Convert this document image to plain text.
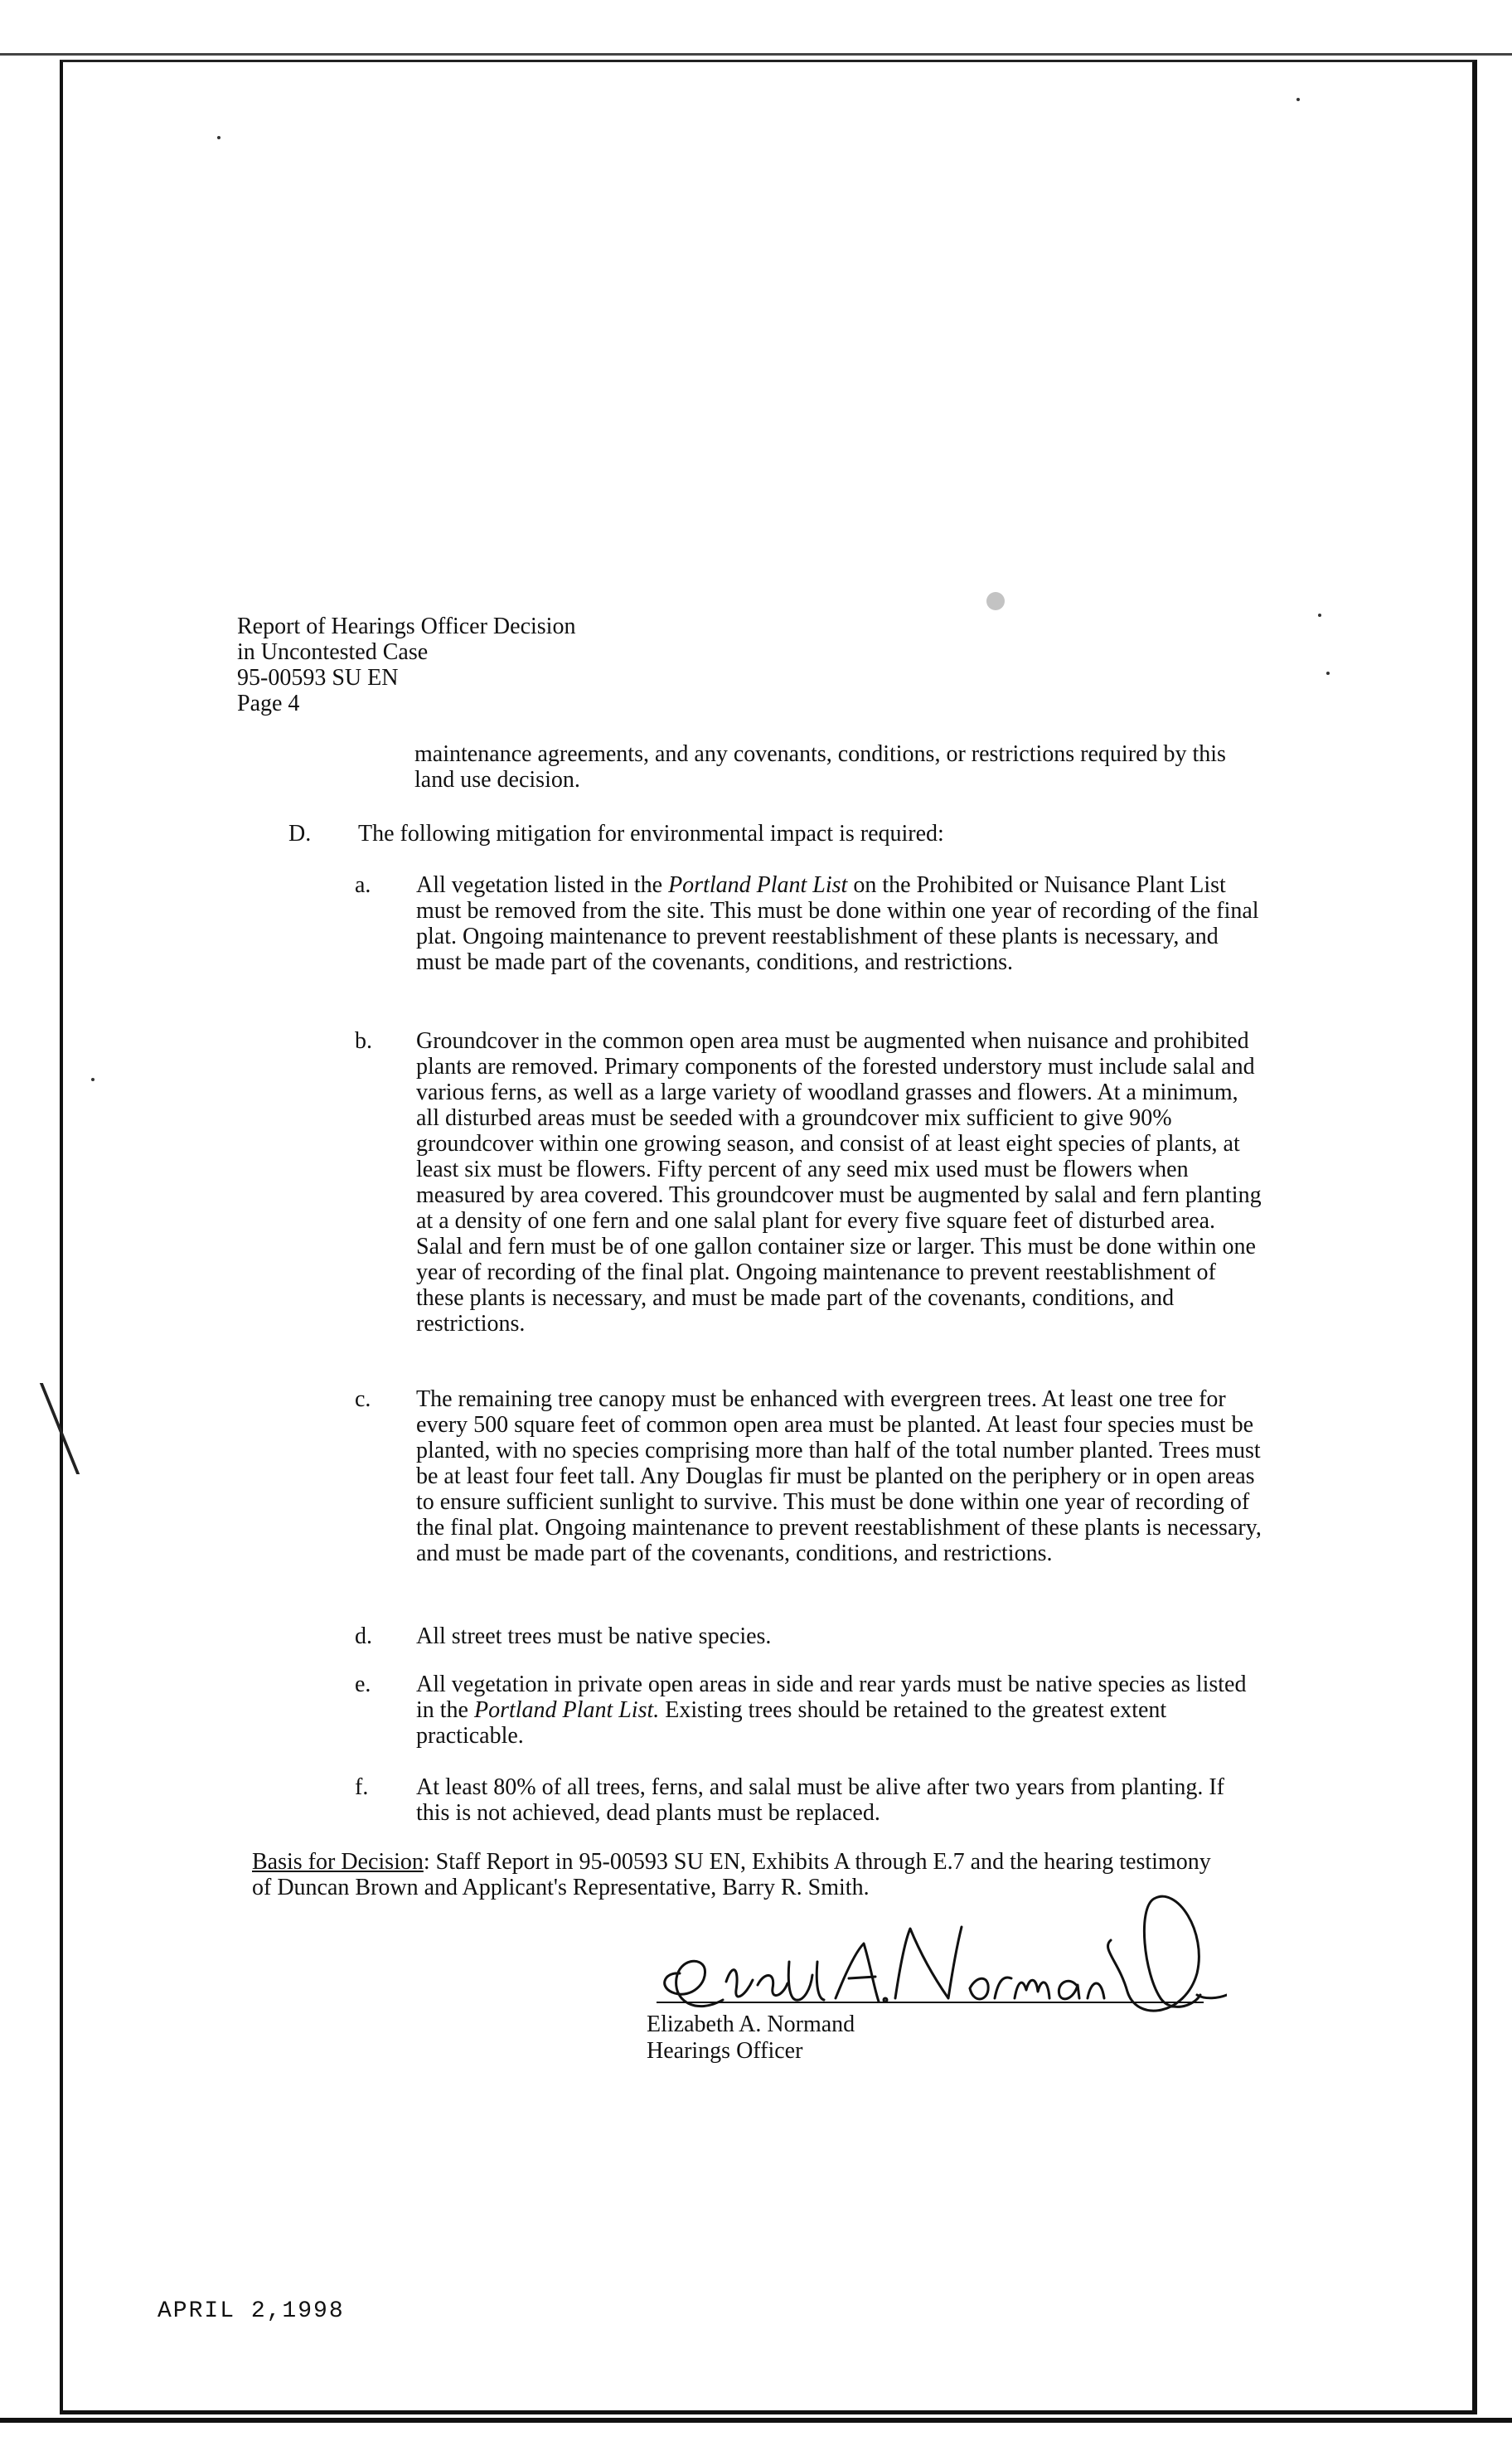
Report of Hearings Officer Decision
in Uncontested Case
95-00593 SU EN
Page 4
maintenance agreements, and any covenants, conditions, or restrictions required by this land use decision.
D. The following mitigation for environmental impact is required:
a. All vegetation listed in the Portland Plant List on the Prohibited or Nuisance Plant List must be removed from the site. This must be done within one year of recording of the final plat. Ongoing maintenance to prevent reestablishment of these plants is necessary, and must be made part of the covenants, conditions, and restrictions.
b. Groundcover in the common open area must be augmented when nuisance and prohibited plants are removed. Primary components of the forested understory must include salal and various ferns, as well as a large variety of woodland grasses and flowers. At a minimum, all disturbed areas must be seeded with a groundcover mix sufficient to give 90% groundcover within one growing season, and consist of at least eight species of plants, at least six must be flowers. Fifty percent of any seed mix used must be flowers when measured by area covered. This groundcover must be augmented by salal and fern planting at a density of one fern and one salal plant for every five square feet of disturbed area. Salal and fern must be of one gallon container size or larger. This must be done within one year of recording of the final plat. Ongoing maintenance to prevent reestablishment of these plants is necessary, and must be made part of the covenants, conditions, and restrictions.
c. The remaining tree canopy must be enhanced with evergreen trees. At least one tree for every 500 square feet of common open area must be planted. At least four species must be planted, with no species comprising more than half of the total number planted. Trees must be at least four feet tall. Any Douglas fir must be planted on the periphery or in open areas to ensure sufficient sunlight to survive. This must be done within one year of recording of the final plat. Ongoing maintenance to prevent reestablishment of these plants is necessary, and must be made part of the covenants, conditions, and restrictions.
d. All street trees must be native species.
e. All vegetation in private open areas in side and rear yards must be native species as listed in the Portland Plant List. Existing trees should be retained to the greatest extent practicable.
f. At least 80% of all trees, ferns, and salal must be alive after two years from planting. If this is not achieved, dead plants must be replaced.
Basis for Decision: Staff Report in 95-00593 SU EN, Exhibits A through E.7 and the hearing testimony of Duncan Brown and Applicant's Representative, Barry R. Smith.
Elizabeth A. Normand
Hearings Officer
APRIL 2,1998
